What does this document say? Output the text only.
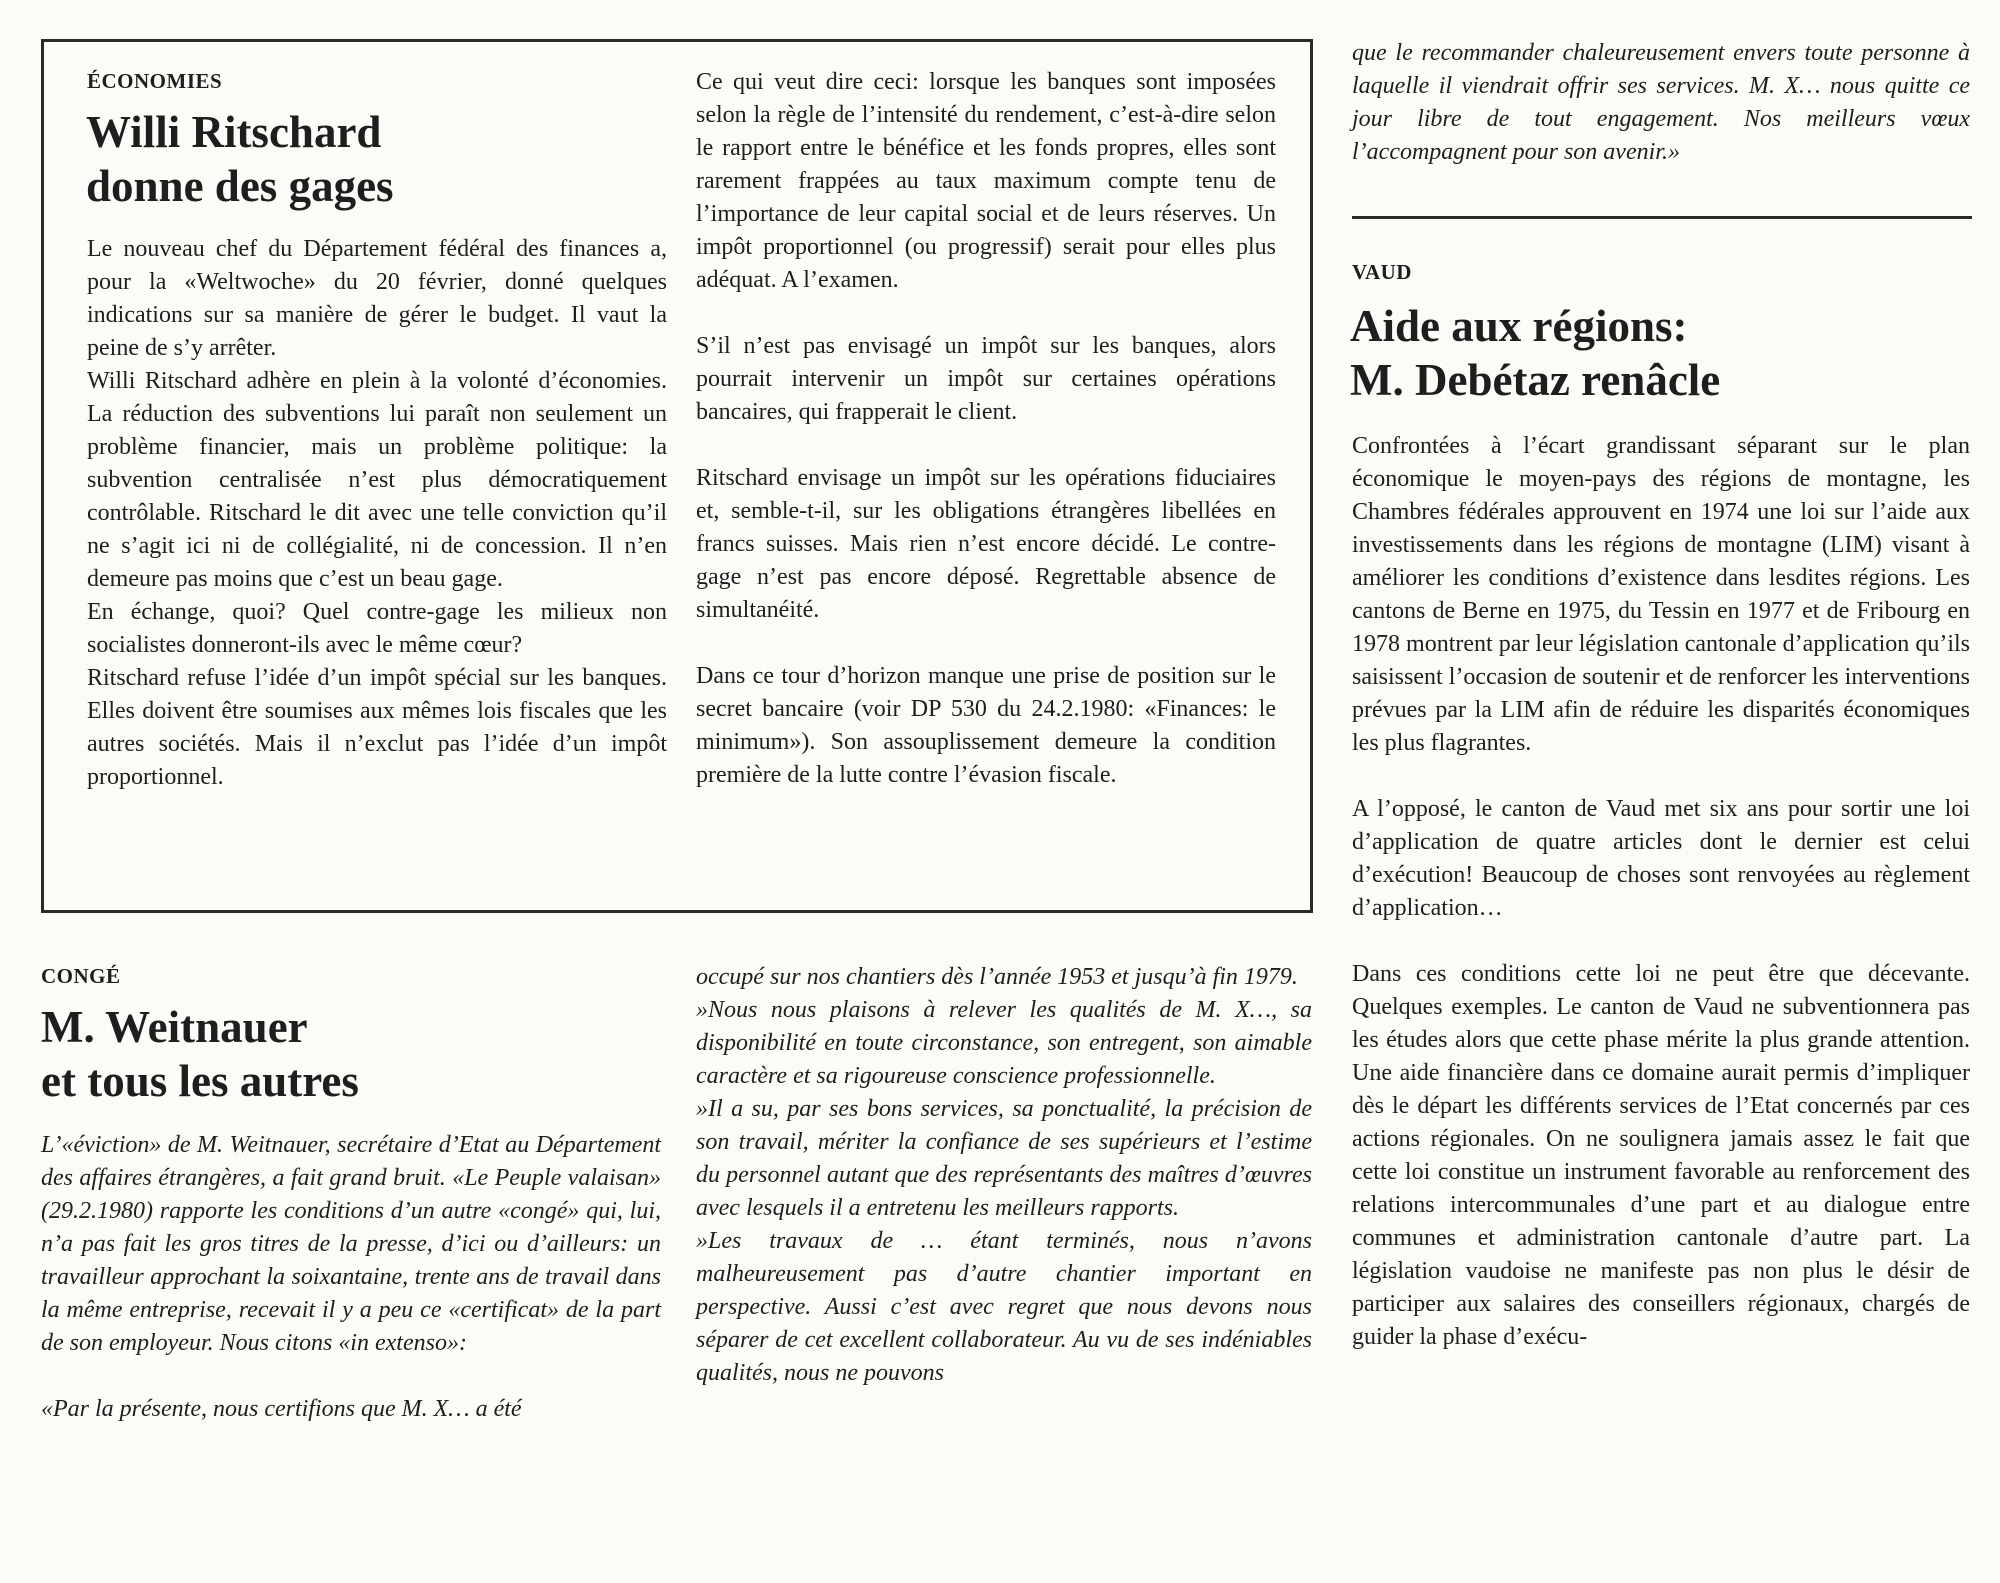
que le recommander chaleureusement envers toute personne à laquelle il viendrait offrir ses services. M. X… nous quitte ce jour libre de tout engagement. Nos meilleurs vœux l’accompagnent pour son avenir.»
ÉCONOMIES
Willi Ritschard
donne des gages
Le nouveau chef du Département fédéral des finances a, pour la «Weltwoche» du 20 février, donné quelques indications sur sa manière de gérer le budget. Il vaut la peine de s’y arrêter.
Willi Ritschard adhère en plein à la volonté d’économies. La réduction des subventions lui paraît non seulement un problème financier, mais un problème politique: la subvention centralisée n’est plus démocratiquement contrôlable. Ritschard le dit avec une telle conviction qu’il ne s’agit ici ni de collégialité, ni de concession. Il n’en demeure pas moins que c’est un beau gage.
En échange, quoi? Quel contre-gage les milieux non socialistes donneront-ils avec le même cœur?
Ritschard refuse l’idée d’un impôt spécial sur les banques. Elles doivent être soumises aux mêmes lois fiscales que les autres sociétés. Mais il n’exclut pas l’idée d’un impôt proportionnel.
Ce qui veut dire ceci: lorsque les banques sont imposées selon la règle de l’intensité du rendement, c’est-à-dire selon le rapport entre le bénéfice et les fonds propres, elles sont rarement frappées au taux maximum compte tenu de l’importance de leur capital social et de leurs réserves. Un impôt proportionnel (ou progressif) serait pour elles plus adéquat. A l’examen.
S’il n’est pas envisagé un impôt sur les banques, alors pourrait intervenir un impôt sur certaines opérations bancaires, qui frapperait le client.
Ritschard envisage un impôt sur les opérations fiduciaires et, semble-t-il, sur les obligations étrangères libellées en francs suisses. Mais rien n’est encore décidé. Le contre-gage n’est pas encore déposé. Regrettable absence de simultanéité.
Dans ce tour d’horizon manque une prise de position sur le secret bancaire (voir DP 530 du 24.2.1980: «Finances: le minimum»). Son assouplissement demeure la condition première de la lutte contre l’évasion fiscale.
CONGÉ
M. Weitnauer
et tous les autres
L’«éviction» de M. Weitnauer, secrétaire d’Etat au Département des affaires étrangères, a fait grand bruit. «Le Peuple valaisan» (29.2.1980) rapporte les conditions d’un autre «congé» qui, lui, n’a pas fait les gros titres de la presse, d’ici ou d’ailleurs: un travailleur approchant la soixantaine, trente ans de travail dans la même entreprise, recevait il y a peu ce «certificat» de la part de son employeur. Nous citons «in extenso»:
«Par la présente, nous certifions que M. X… a été
occupé sur nos chantiers dès l’année 1953 et jusqu’à fin 1979.
»Nous nous plaisons à relever les qualités de M. X…, sa disponibilité en toute circonstance, son entregent, son aimable caractère et sa rigoureuse conscience professionnelle.
»Il a su, par ses bons services, sa ponctualité, la précision de son travail, mériter la confiance de ses supérieurs et l’estime du personnel autant que des représentants des maîtres d’œuvres avec lesquels il a entretenu les meilleurs rapports.
»Les travaux de … étant terminés, nous n’avons malheureusement pas d’autre chantier important en perspective. Aussi c’est avec regret que nous devons nous séparer de cet excellent collaborateur. Au vu de ses indéniables qualités, nous ne pouvons
VAUD
Aide aux régions:
M. Debétaz renâcle
Confrontées à l’écart grandissant séparant sur le plan économique le moyen-pays des régions de montagne, les Chambres fédérales approuvent en 1974 une loi sur l’aide aux investissements dans les régions de montagne (LIM) visant à améliorer les conditions d’existence dans lesdites régions. Les cantons de Berne en 1975, du Tessin en 1977 et de Fribourg en 1978 montrent par leur législation cantonale d’application qu’ils saisissent l’occasion de soutenir et de renforcer les interventions prévues par la LIM afin de réduire les disparités économiques les plus flagrantes.
A l’opposé, le canton de Vaud met six ans pour sortir une loi d’application de quatre articles dont le dernier est celui d’exécution! Beaucoup de choses sont renvoyées au règlement d’application…
Dans ces conditions cette loi ne peut être que décevante. Quelques exemples. Le canton de Vaud ne subventionnera pas les études alors que cette phase mérite la plus grande attention. Une aide financière dans ce domaine aurait permis d’impliquer dès le départ les différents services de l’Etat concernés par ces actions régionales. On ne soulignera jamais assez le fait que cette loi constitue un instrument favorable au renforcement des relations intercommunales d’une part et au dialogue entre communes et administration cantonale d’autre part. La législation vaudoise ne manifeste pas non plus le désir de participer aux salaires des conseillers régionaux, chargés de guider la phase d’exécu-
